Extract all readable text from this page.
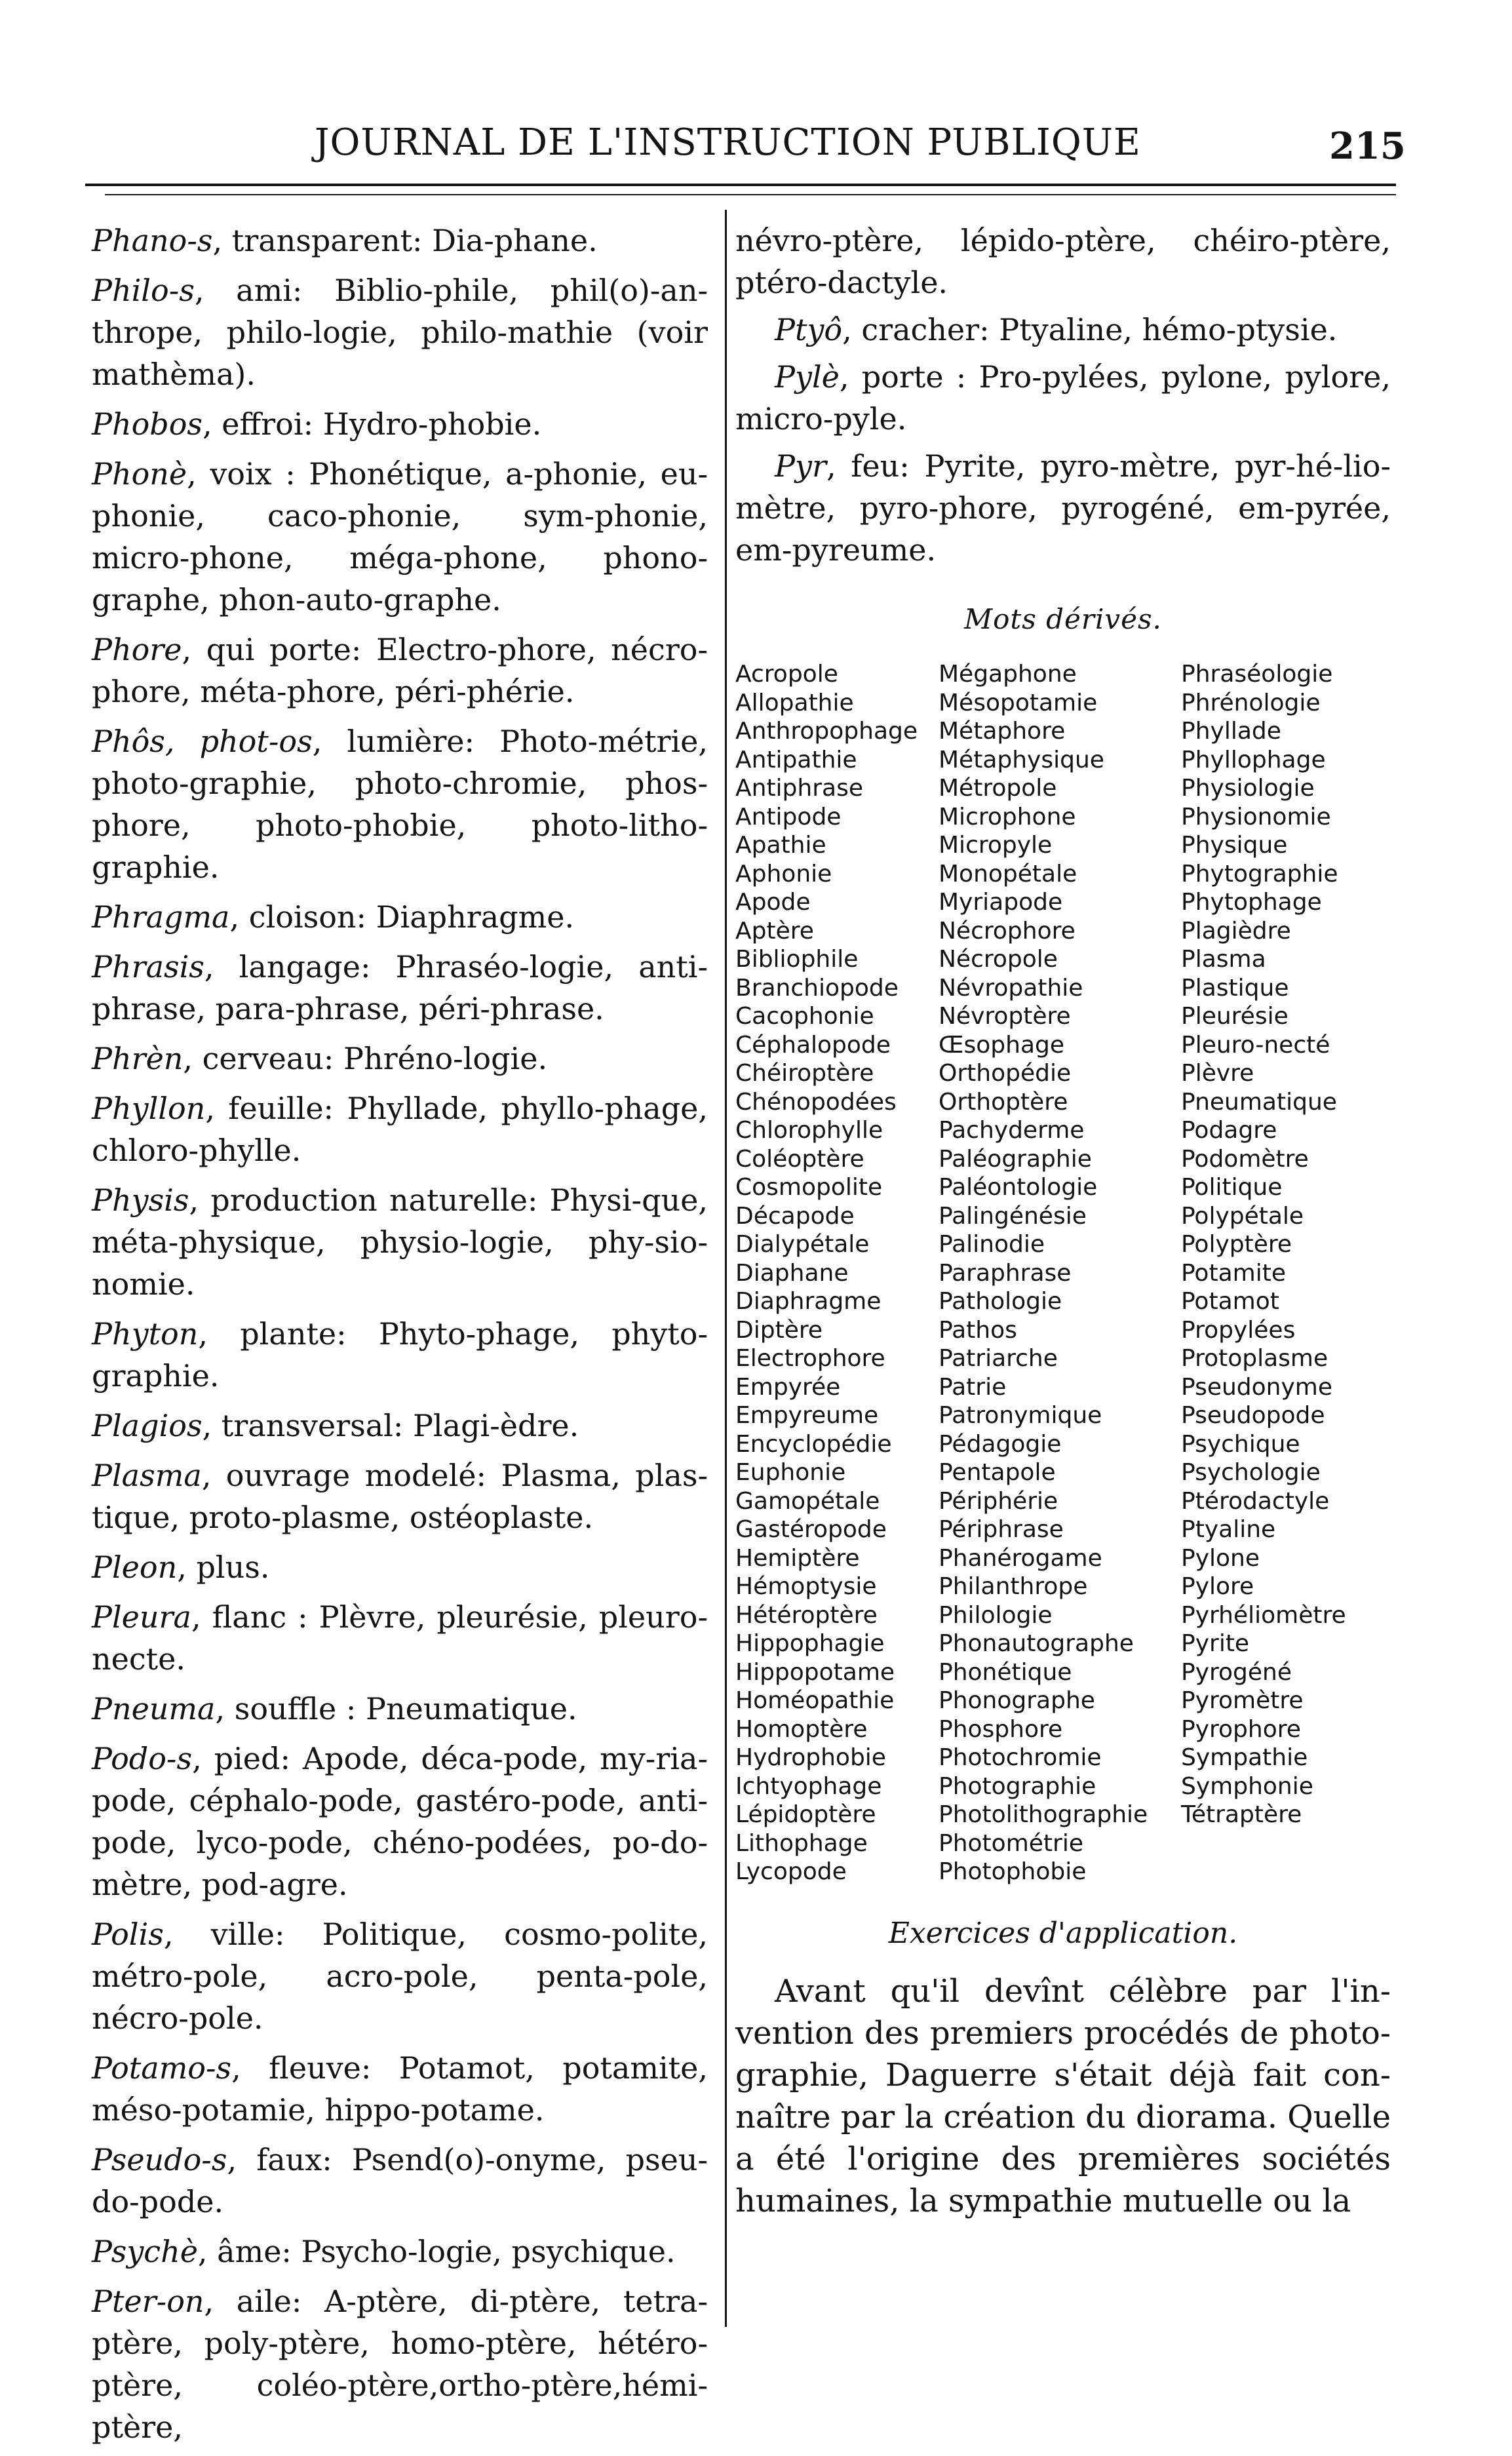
JOURNAL DE L'INSTRUCTION PUBLIQUE	215
Phano-s, transparent: Dia-phane.
Philo-s, ami: Biblio-phile, phil(o)-an-thrope, philo-logie, philo-mathie (voir mathèma).
Phobos, effroi: Hydro-phobie.
Phonè, voix : Phonétique, a-phonie, eu-phonie, caco-phonie, sym-phonie, micro-phone, méga-phone, phono-graphe, phon-auto-graphe.
Phore, qui porte: Electro-phore, nécro-phore, méta-phore, péri-phérie.
Phôs, phot-os, lumière: Photo-métrie, photo-graphie, photo-chromie, phos-phore, photo-phobie, photo-litho-graphie.
Phragma, cloison: Diaphragme.
Phrasis, langage: Phraséo-logie, anti-phrase, para-phrase, péri-phrase.
Phrèn, cerveau: Phréno-logie.
Phyllon, feuille: Phyllade, phyllo-phage, chloro-phylle.
Physis, production naturelle: Physi-que, méta-physique, physio-logie, phy-sio-nomie.
Phyton, plante: Phyto-phage, phyto-graphie.
Plagios, transversal: Plagi-èdre.
Plasma, ouvrage modelé: Plasma, plas-tique, proto-plasme, ostéoplaste.
Pleon, plus.
Pleura, flanc : Plèvre, pleurésie, pleuro-necte.
Pneuma, souffle : Pneumatique.
Podo-s, pied: Apode, déca-pode, my-ria-pode, céphalo-pode, gastéro-pode, anti-pode, lyco-pode, chéno-podées, po-do-mètre, pod-agre.
Polis, ville: Politique, cosmo-polite, métro-pole, acro-pole, penta-pole, nécro-pole.
Potamo-s, fleuve: Potamot, potamite, méso-potamie, hippo-potame.
Pseudo-s, faux: Psend(o)-onyme, pseu-do-pode.
Psychè, âme: Psycho-logie, psychique.
Pter-on, aile: A-ptère, di-ptère, tetra-ptère, poly-ptère, homo-ptère, hétéro-ptère, coléo-ptère,ortho-ptère,hémi-ptère,
névro-ptère, lépido-ptère, chéiro-ptère, ptéro-dactyle.
Ptyô, cracher: Ptyaline, hémo-ptysie.
Pylè, porte : Pro-pylées, pylone, pylore, micro-pyle.
Pyr, feu: Pyrite, pyro-mètre, pyr-hé-lio-mètre, pyro-phore, pyrogéné, em-pyrée, em-pyreume.
Mots dérivés.
Acropole
Allopathie
Anthropophage
Antipathie
Antiphrase
Antipode
Apathie
Aphonie
Apode
Aptère
Bibliophile
Branchiopode
Cacophonie
Céphalopode
Chéiroptère
Chénopodées
Chlorophylle
Coléoptère
Cosmopolite
Décapode
Dialypétale
Diaphane
Diaphragme
Diptère
Electrophore
Empyrée
Empyreume
Encyclopédie
Euphonie
Gamopétale
Gastéropode
Hemiptère
Hémoptysie
Hétéroptère
Hippophagie
Hippopotame
Homéopathie
Homoptère
Hydrophobie
Ichtyophage
Lépidoptère
Lithophage
Lycopode
Mégaphone
Mésopotamie
Métaphore
Métaphysique
Métropole
Microphone
Micropyle
Monopétale
Myriapode
Nécrophore
Nécropole
Névropathie
Névroptère
Œsophage
Orthopédie
Orthoptère
Pachyderme
Paléographie
Paléontologie
Palingénésie
Palinodie
Paraphrase
Pathologie
Pathos
Patriarche
Patrie
Patronymique
Pédagogie
Pentapole
Périphérie
Périphrase
Phanérogame
Philanthrope
Philologie
Phonautographe
Phonétique
Phonographe
Phosphore
Photochromie
Photographie
Photolithographie
Photométrie
Photophobie
Phraséologie
Phrénologie
Phyllade
Phyllophage
Physiologie
Physionomie
Physique
Phytographie
Phytophage
Plagièdre
Plasma
Plastique
Pleurésie
Pleuro-necté
Plèvre
Pneumatique
Podagre
Podomètre
Politique
Polypétale
Polyptère
Potamite
Potamot
Propylées
Protoplasme
Pseudonyme
Pseudopode
Psychique
Psychologie
Ptérodactyle
Ptyaline
Pylone
Pylore
Pyrhéliomètre
Pyrite
Pyrogéné
Pyromètre
Pyrophore
Sympathie
Symphonie
Tétraptère
Exercices d'application.
Avant qu'il devînt célèbre par l'in-vention des premiers procédés de photo-graphie, Daguerre s'était déjà fait con-naître par la création du diorama. Quelle a été l'origine des premières sociétés humaines, la sympathie mutuelle ou la
